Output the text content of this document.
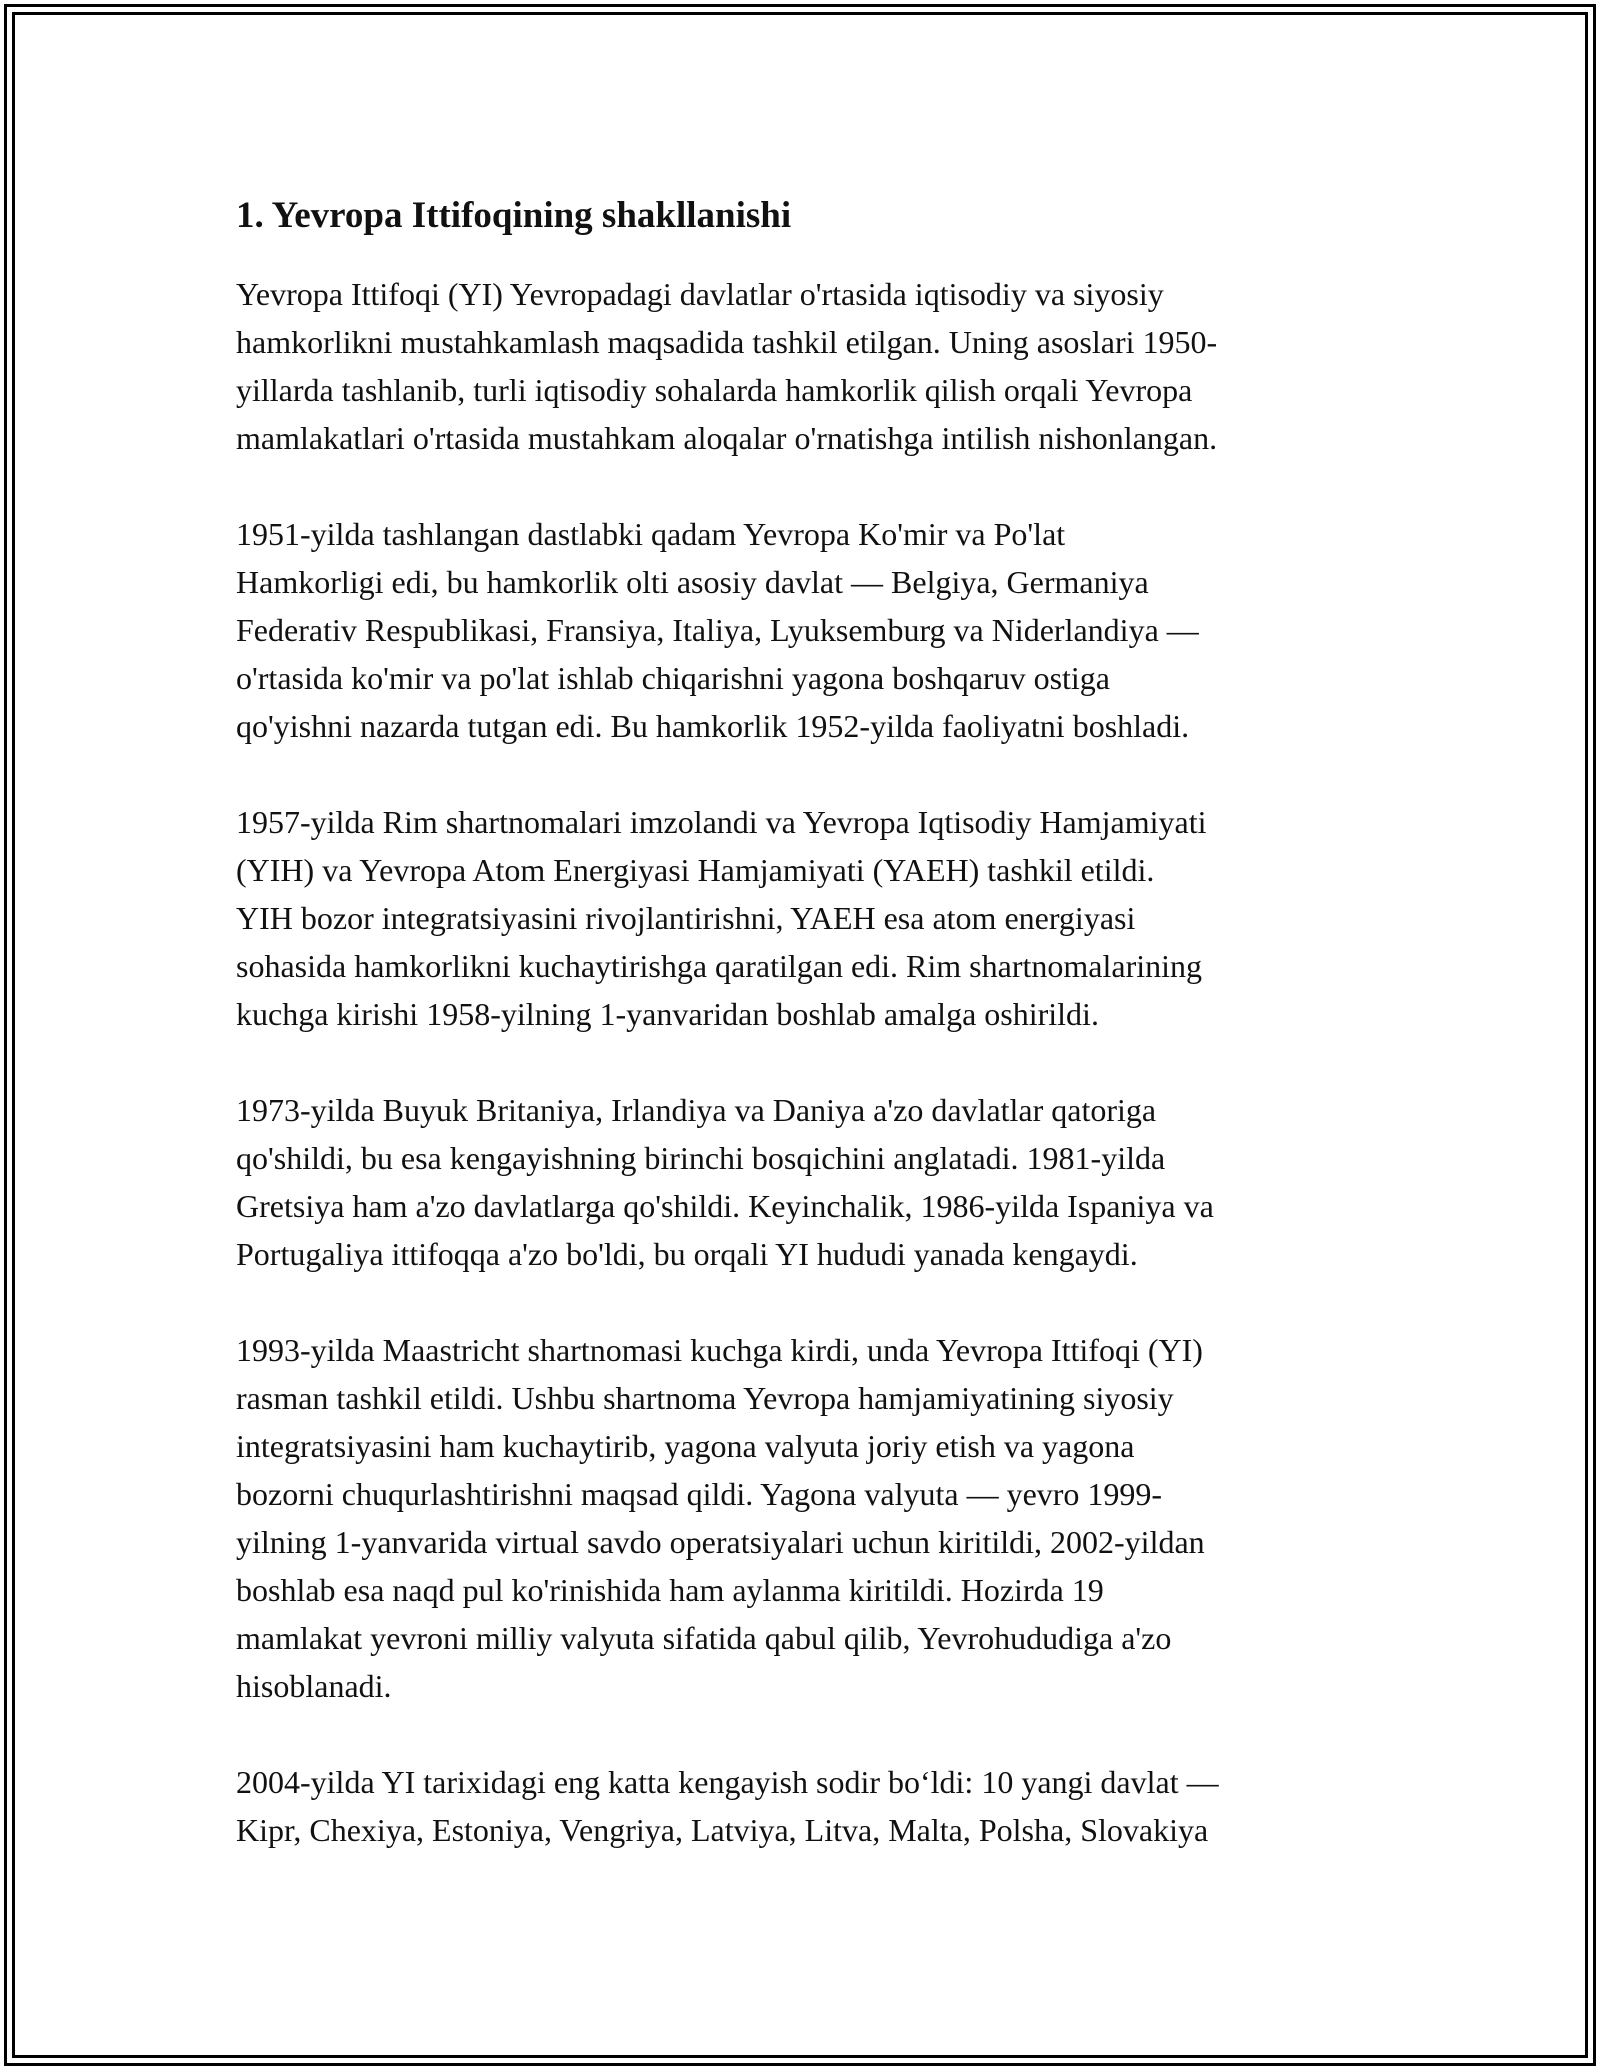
1. Yevropa Ittifoqining shakllanishi

Yevropa Ittifoqi (YI) Yevropadagi davlatlar o'rtasida iqtisodiy va siyosiy
hamkorlikni mustahkamlash maqsadida tashkil etilgan. Uning asoslari 1950-
yillarda tashlanib, turli iqtisodiy sohalarda hamkorlik qilish orqali Yevropa
mamlakatlari o'rtasida mustahkam aloqalar o'rnatishga intilish nishonlangan.

1951-yilda tashlangan dastlabki qadam Yevropa Ko'mir va Po'lat
Hamkorligi edi, bu hamkorlik olti asosiy davlat — Belgiya, Germaniya
Federativ Respublikasi, Fransiya, Italiya, Lyuksemburg va Niderlandiya —
o'rtasida ko'mir va po'lat ishlab chiqarishni yagona boshqaruv ostiga
qo'yishni nazarda tutgan edi. Bu hamkorlik 1952-yilda faoliyatni boshladi.

1957-yilda Rim shartnomalari imzolandi va Yevropa Iqtisodiy Hamjamiyati
(YIH) va Yevropa Atom Energiyasi Hamjamiyati (YAEH) tashkil etildi.
YIH bozor integratsiyasini rivojlantirishni, YAEH esa atom energiyasi
sohasida hamkorlikni kuchaytirishga qaratilgan edi. Rim shartnomalarining
kuchga kirishi 1958-yilning 1-yanvaridan boshlab amalga oshirildi.

1973-yilda Buyuk Britaniya, Irlandiya va Daniya a'zo davlatlar qatoriga
qo'shildi, bu esa kengayishning birinchi bosqichini anglatadi. 1981-yilda
Gretsiya ham a'zo davlatlarga qo'shildi. Keyinchalik, 1986-yilda Ispaniya va
Portugaliya ittifoqqa a'zo bo'ldi, bu orqali YI hududi yanada kengaydi.

1993-yilda Maastricht shartnomasi kuchga kirdi, unda Yevropa Ittifoqi (YI)
rasman tashkil etildi. Ushbu shartnoma Yevropa hamjamiyatining siyosiy
integratsiyasini ham kuchaytirib, yagona valyuta joriy etish va yagona
bozorni chuqurlashtirishni maqsad qildi. Yagona valyuta — yevro 1999-
yilning 1-yanvarida virtual savdo operatsiyalari uchun kiritildi, 2002-yildan
boshlab esa naqd pul ko'rinishida ham aylanma kiritildi. Hozirda 19
mamlakat yevroni milliy valyuta sifatida qabul qilib, Yevrohududiga a'zo
hisoblanadi.

2004-yilda YI tarixidagi eng katta kengayish sodir bo‘ldi: 10 yangi davlat —
Kipr, Chexiya, Estoniya, Vengriya, Latviya, Litva, Malta, Polsha, Slovakiya
